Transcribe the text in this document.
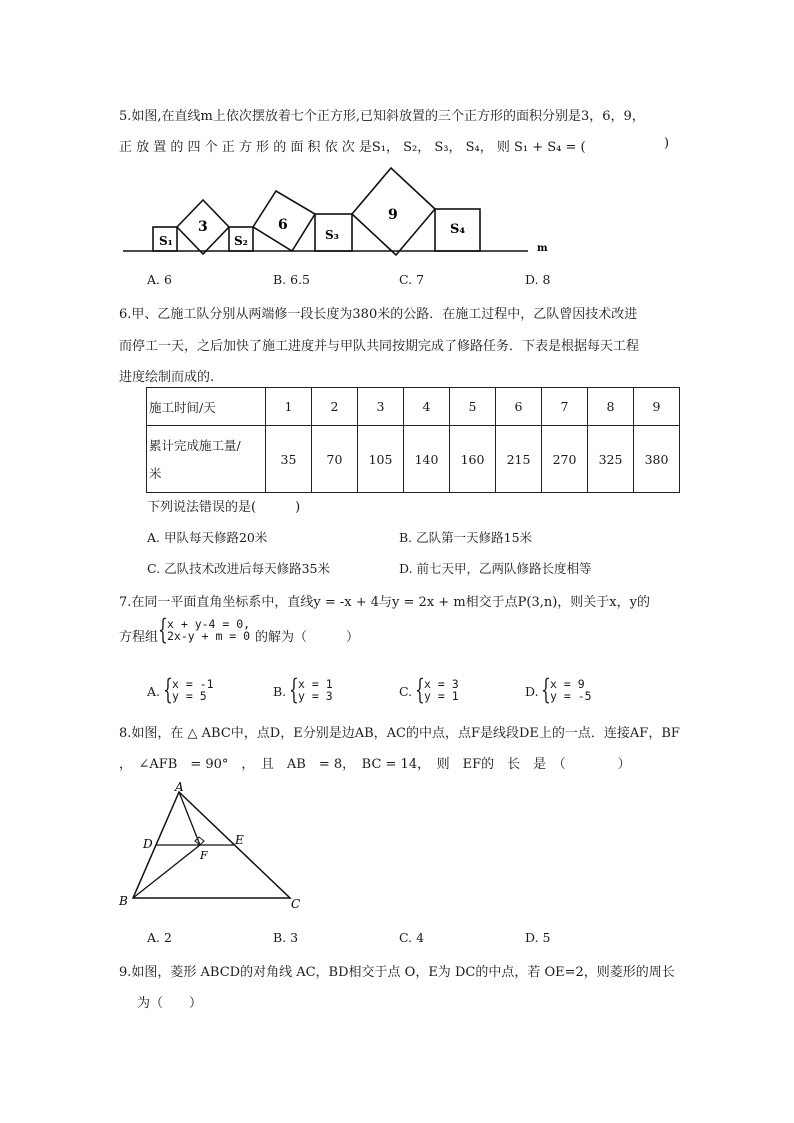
5.如图,在直线m上依次摆放着七个正方形,已知斜放置的三个正方形的面积分别是3，6，9，
正 放 置 的 四 个 正 方 形 的 面 积 依 次 是S₁， S₂， S₃， S₄， 则 S₁ + S₄ = (	)
S₁
3
S₂
6
S₃
9
S₄
m
A. 6	B. 6.5	C. 7	D. 8
6.甲、乙施工队分别从两端修一段长度为380米的公路．在施工过程中，乙队曾因技术改进
而停工一天，之后加快了施工进度并与甲队共同按期完成了修路任务．下表是根据每天工程
进度绘制而成的.
施工时间/天	1	2	3	4	5	6	7	8	9

累计完成施工量/
米	35	70	105	140	160	215	270	325	380
下列说法错误的是(　　　)
A. 甲队每天修路20米	B. 乙队第一天修路15米
C. 乙队技术改进后每天修路35米	D. 前七天甲，乙两队修路长度相等
7.在同一平面直角坐标系中，直线y = -x + 4与y = 2x + m相交于点P(3,n)，则关于x，y的
方程组 { x + y-4 = 0,
2x-y + m = 0 的解为（　　　）
A. { x = -1
y = 5	B. { x = 1
y = 3	C. { x = 3
y = 1	D. { x = 9
y = -5
8.如图，在 △ ABC中，点D，E分别是边AB，AC的中点，点F是线段DE上的一点．连接AF，BF
，　∠AFB　= 90°　，　且　AB　= 8，　BC = 14，　则　EF的　长　是　（　　　　）
A
D	E
F
B	C
A. 2	B. 3	C. 4	D. 5
9.如图，菱形 ABCD的对角线 AC，BD相交于点 O，E为 DC的中点，若 OE=2，则菱形的周长
为（　　）
